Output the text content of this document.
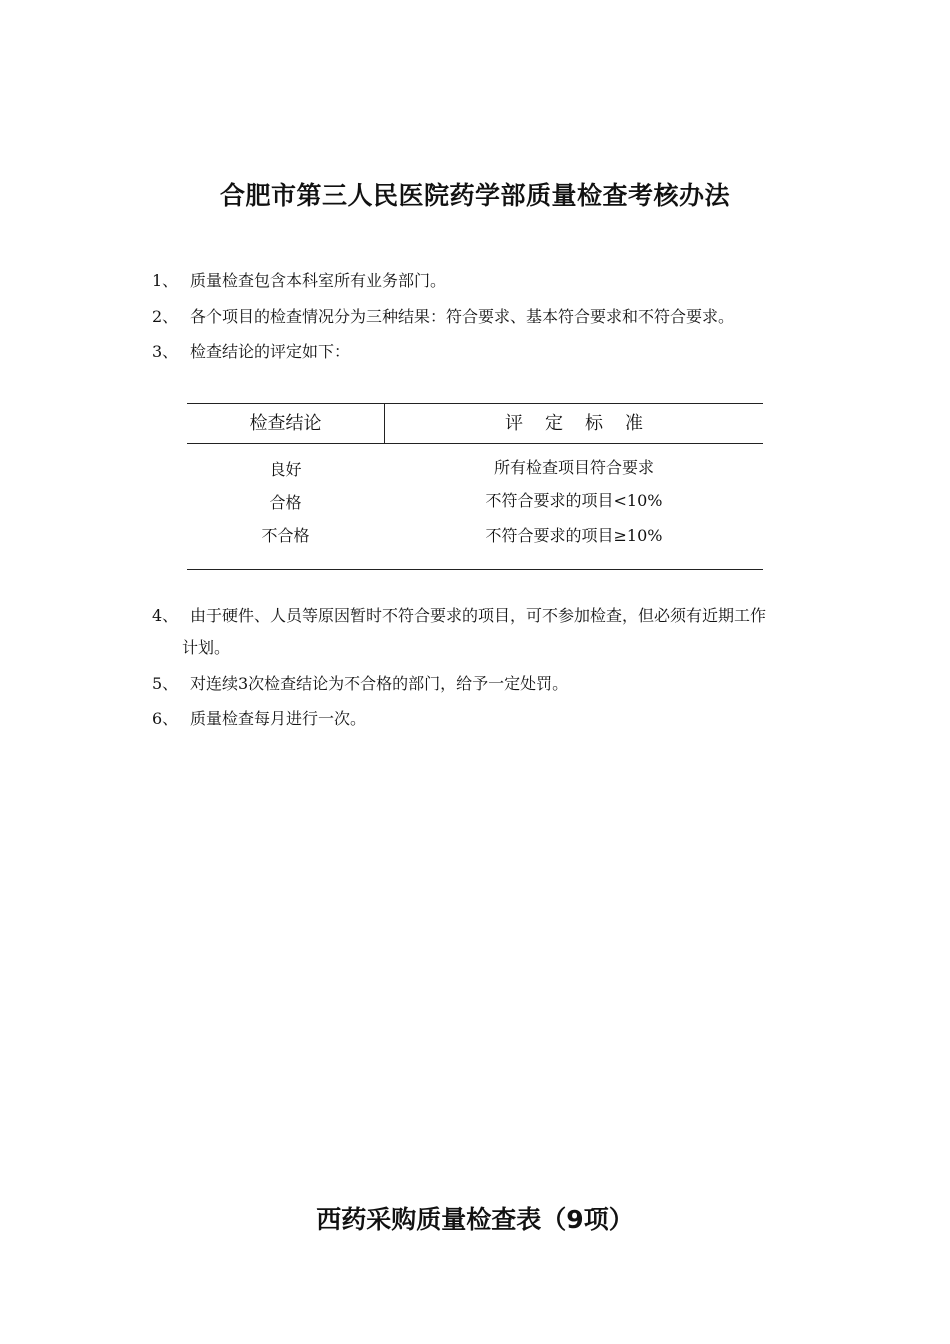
合肥市第三人民医院药学部质量检查考核办法
1、 质量检查包含本科室所有业务部门。
2、 各个项目的检查情况分为三种结果：符合要求、基本符合要求和不符合要求。
3、 检查结论的评定如下：
检查结论	评定标准
良好	所有检查项目符合要求
合格	不符合要求的项目<10%
不合格	不符合要求的项目≥10%
4、 由于硬件、人员等原因暂时不符合要求的项目，可不参加检查，但必须有近期工作
计划。
5、 对连续3次检查结论为不合格的部门，给予一定处罚。
6、 质量检查每月进行一次。
西药采购质量检查表（9项）
